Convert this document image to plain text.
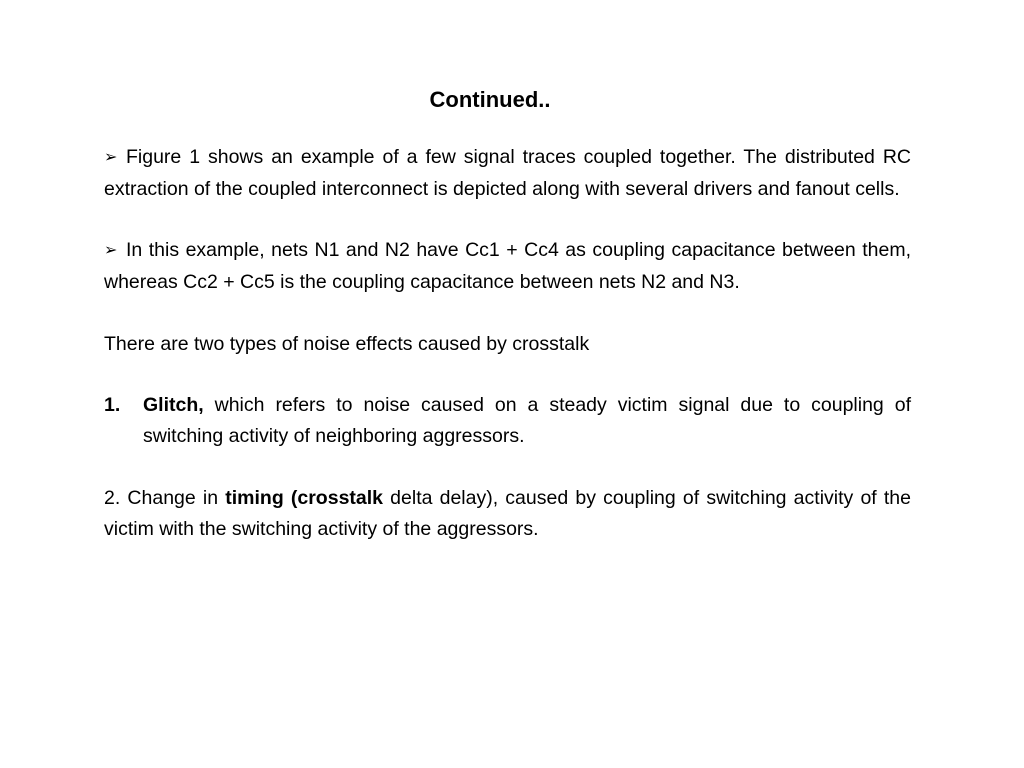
Continued..

➢ Figure 1 shows an example of a few signal traces coupled together. The distributed RC extraction of the coupled interconnect is depicted along with several drivers and fanout cells.

➢ In this example, nets N1 and N2 have Cc1 + Cc4 as coupling capacitance between them, whereas Cc2 + Cc5 is the coupling capacitance between nets N2 and N3.

There are two types of noise effects caused by crosstalk

1.	Glitch, which refers to noise caused on a steady victim signal due to coupling of switching activity of neighboring aggressors.

2. Change in timing (crosstalk delta delay), caused by coupling of switching activity of the victim with the switching activity of the aggressors.
